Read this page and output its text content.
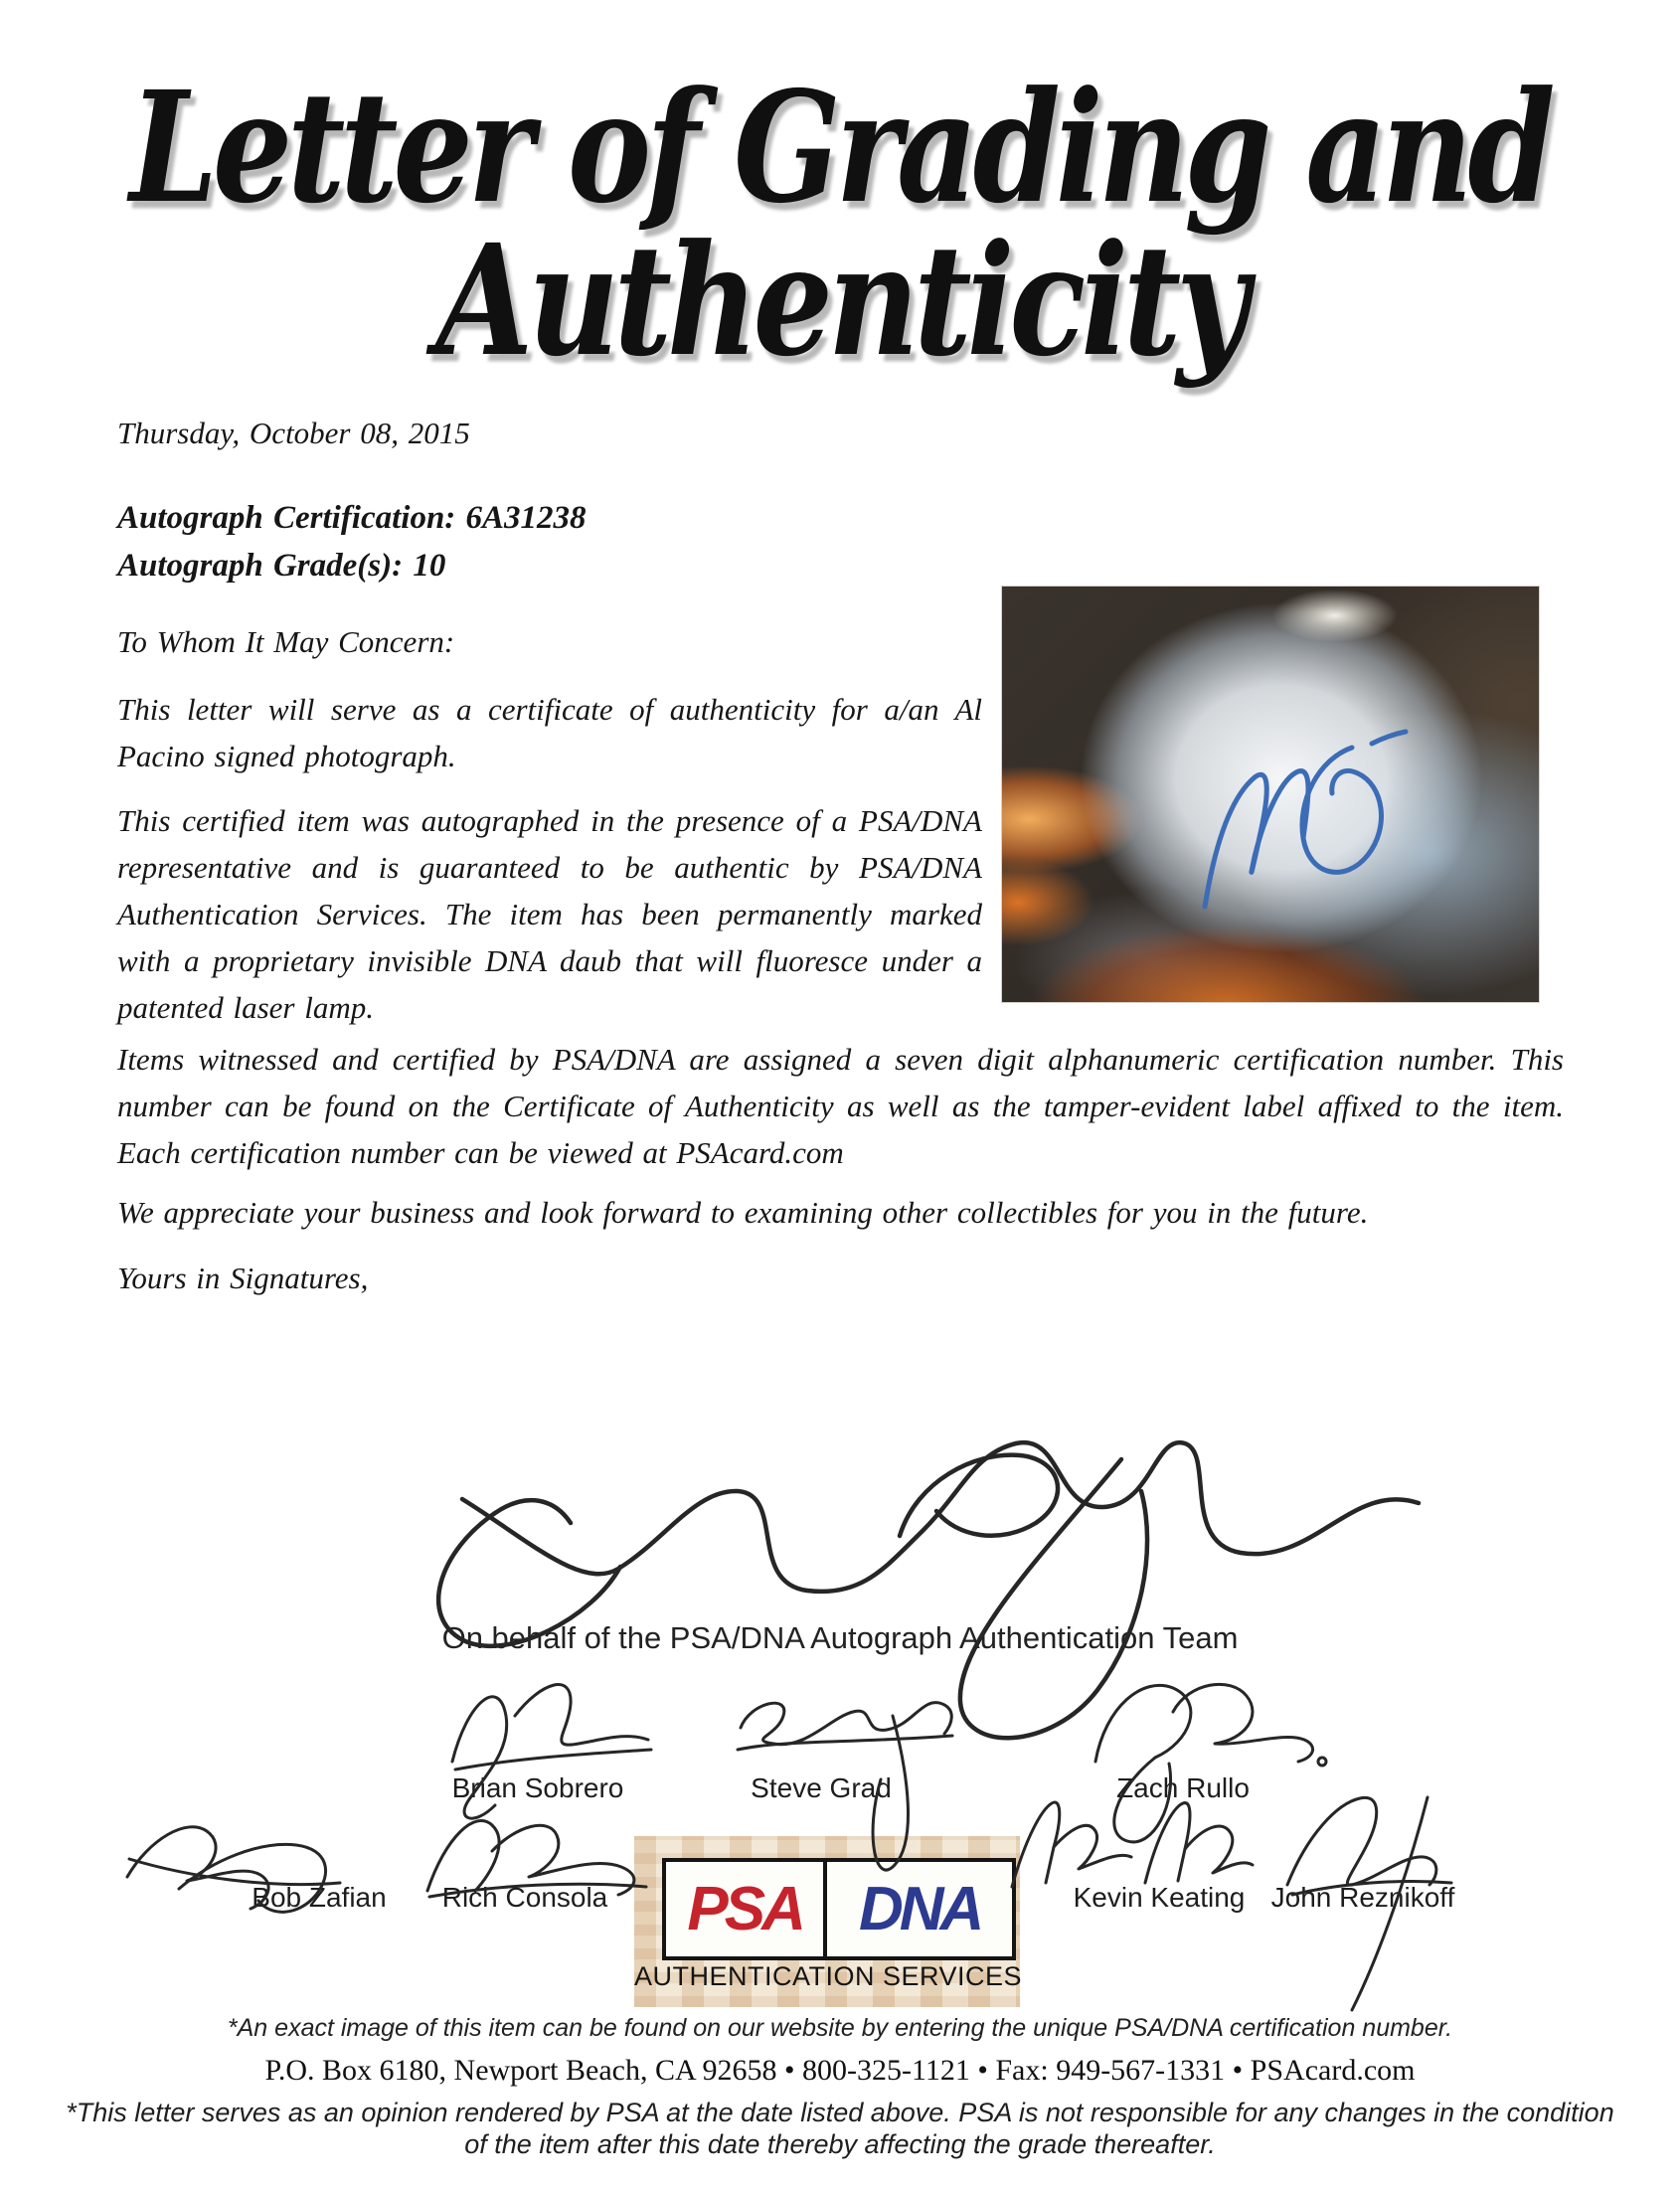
Letter of Grading and
Authenticity
Thursday, October 08, 2015
Autograph Certification: 6A31238
Autograph Grade(s): 10
To Whom It May Concern:
This letter will serve as a certificate of authenticity for a/an Al Pacino signed photograph.
This certified item was autographed in the presence of a PSA/DNA representative and is guaranteed to be authentic by PSA/DNA Authentication Services. The item has been permanently marked with a proprietary invisible DNA daub that will fluoresce under a patented laser lamp.
Items witnessed and certified by PSA/DNA are assigned a seven digit alphanumeric certification number. This number can be found on the Certificate of Authenticity as well as the tamper-evident label affixed to the item. Each certification number can be viewed at PSAcard.com
We appreciate your business and look forward to examining other collectibles for you in the future.
Yours in Signatures,
On behalf of the PSA/DNA Autograph Authentication Team
Brian Sobrero	Steve Grad	Zach Rullo
Bob Zafian	Rich Consola	Kevin Keating John Reznikoff
PSA DNA
AUTHENTICATION SERVICES
*An exact image of this item can be found on our website by entering the unique PSA/DNA certification number.
P.O. Box 6180, Newport Beach, CA 92658 • 800-325-1121 • Fax: 949-567-1331 • PSAcard.com
*This letter serves as an opinion rendered by PSA at the date listed above. PSA is not responsible for any changes in the condition
of the item after this date thereby affecting the grade thereafter.
